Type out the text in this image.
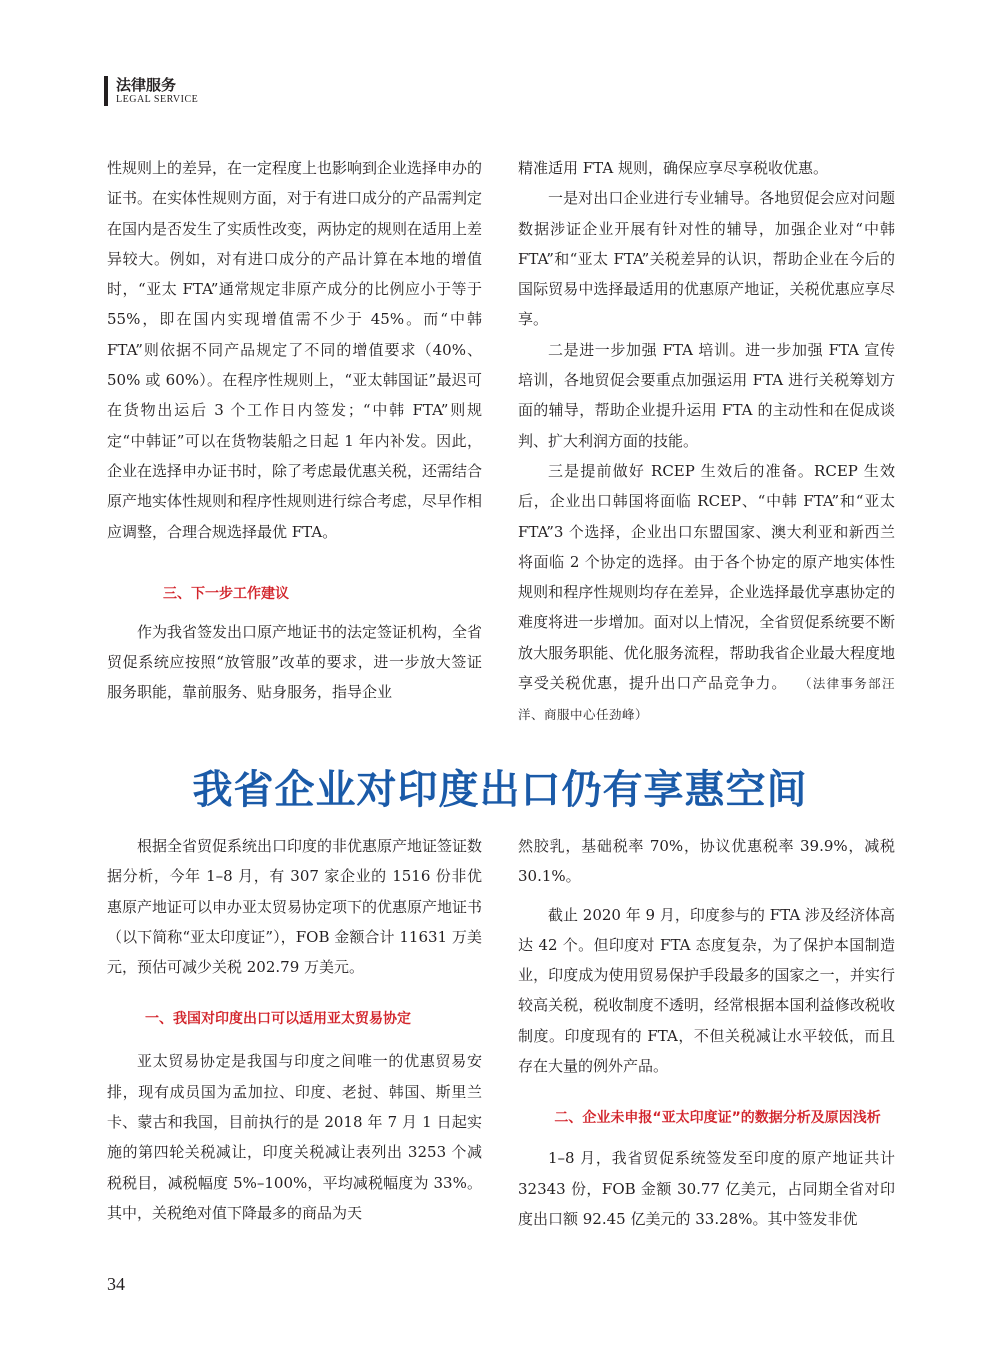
法律服务
LEGAL SERVICE

性规则上的差异，在一定程度上也影响到企业选择申办的证书。在实体性规则方面，对于有进口成分的产品需判定在国内是否发生了实质性改变，两协定的规则在适用上差异较大。例如，对有进口成分的产品计算在本地的增值时，“亚太 FTA”通常规定非原产成分的比例应小于等于 55%，即在国内实现增值需不少于 45%。而“中韩 FTA”则依据不同产品规定了不同的增值要求（40%、50% 或 60%）。在程序性规则上，“亚太韩国证”最迟可在货物出运后 3 个工作日内签发；“中韩 FTA”则规定“中韩证”可以在货物装船之日起 1 年内补发。因此，企业在选择申办证书时，除了考虑最优惠关税，还需结合原产地实体性规则和程序性规则进行综合考虑，尽早作相应调整，合理合规选择最优 FTA。

三、下一步工作建议

作为我省签发出口原产地证书的法定签证机构，全省贸促系统应按照“放管服”改革的要求，进一步放大签证服务职能，靠前服务、贴身服务，指导企业

精准适用 FTA 规则，确保应享尽享税收优惠。

一是对出口企业进行专业辅导。各地贸促会应对问题数据涉证企业开展有针对性的辅导，加强企业对“中韩 FTA”和“亚太 FTA”关税差异的认识，帮助企业在今后的国际贸易中选择最适用的优惠原产地证，关税优惠应享尽享。

二是进一步加强 FTA 培训。进一步加强 FTA 宣传培训，各地贸促会要重点加强运用 FTA 进行关税筹划方面的辅导，帮助企业提升运用 FTA 的主动性和在促成谈判、扩大利润方面的技能。

三是提前做好 RCEP 生效后的准备。RCEP 生效后，企业出口韩国将面临 RCEP、“中韩 FTA”和“亚太 FTA”3 个选择，企业出口东盟国家、澳大利亚和新西兰将面临 2 个协定的选择。由于各个协定的原产地实体性规则和程序性规则均存在差异，企业选择最优享惠协定的难度将进一步增加。面对以上情况，全省贸促系统要不断放大服务职能、优化服务流程，帮助我省企业最大程度地享受关税优惠，提升出口产品竞争力。 （法律事务部汪洋、商服中心任劲峰）

我省企业对印度出口仍有享惠空间

根据全省贸促系统出口印度的非优惠原产地证签证数据分析，今年 1–8 月，有 307 家企业的 1516 份非优惠原产地证可以申办亚太贸易协定项下的优惠原产地证书（以下简称“亚太印度证”），FOB 金额合计 11631 万美元，预估可减少关税 202.79 万美元。

一、我国对印度出口可以适用亚太贸易协定

亚太贸易协定是我国与印度之间唯一的优惠贸易安排，现有成员国为孟加拉、印度、老挝、韩国、斯里兰卡、蒙古和我国，目前执行的是 2018 年 7 月 1 日起实施的第四轮关税减让，印度关税减让表列出 3253 个减税税目，减税幅度 5%–100%，平均减税幅度为 33%。其中，关税绝对值下降最多的商品为天

然胶乳，基础税率 70%，协议优惠税率 39.9%，减税 30.1%。

截止 2020 年 9 月，印度参与的 FTA 涉及经济体高达 42 个。但印度对 FTA 态度复杂，为了保护本国制造业，印度成为使用贸易保护手段最多的国家之一，并实行较高关税，税收制度不透明，经常根据本国利益修改税收制度。印度现有的 FTA，不但关税减让水平较低，而且存在大量的例外产品。

二、企业未申报“亚太印度证”的数据分析及原因浅析

1–8 月，我省贸促系统签发至印度的原产地证共计 32343 份，FOB 金额 30.77 亿美元，占同期全省对印度出口额 92.45 亿美元的 33.28%。其中签发非优

34
